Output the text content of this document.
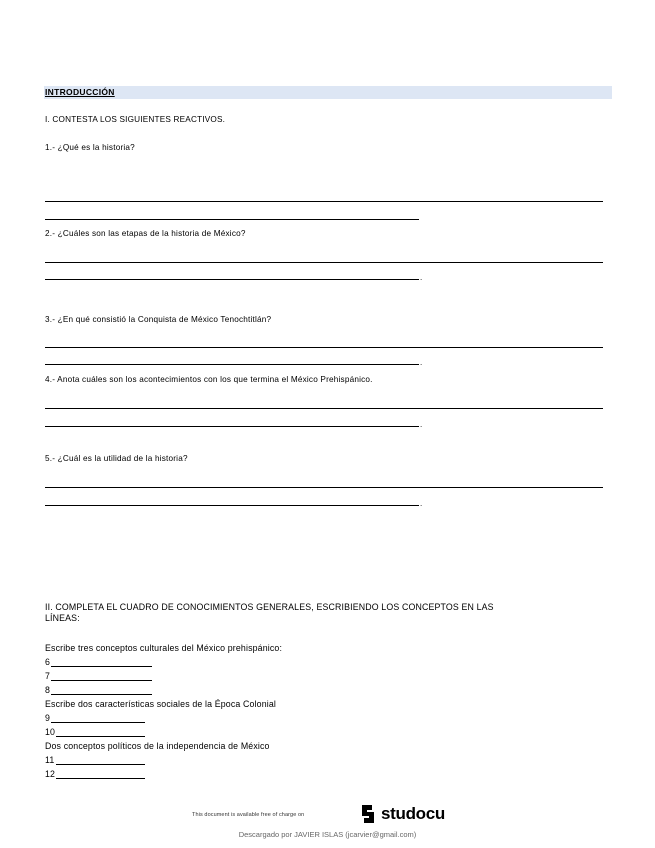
INTRODUCCIÓN
I. CONTESTA LOS SIGUIENTES REACTIVOS.
1.- ¿Qué es la historia?
2.- ¿Cuáles son las etapas de la historia de México?
.
3.- ¿En qué consistió la Conquista de México Tenochtitlán?
.
4.- Anota cuáles son los acontecimientos con los que termina el México Prehispánico.
.
5.- ¿Cuál es la utilidad de la historia?
.
II. COMPLETA EL CUADRO DE CONOCIMIENTOS GENERALES, ESCRIBIENDO LOS CONCEPTOS EN LAS
LÍNEAS:
Escribe tres conceptos culturales del México prehispánico:
6
7
8
Escribe dos características sociales de la Época Colonial
9
10
Dos conceptos políticos de la independencia de México
11
12
This document is available free of charge on	studocu
Descargado por JAVIER ISLAS (jcarvier@gmail.com)
